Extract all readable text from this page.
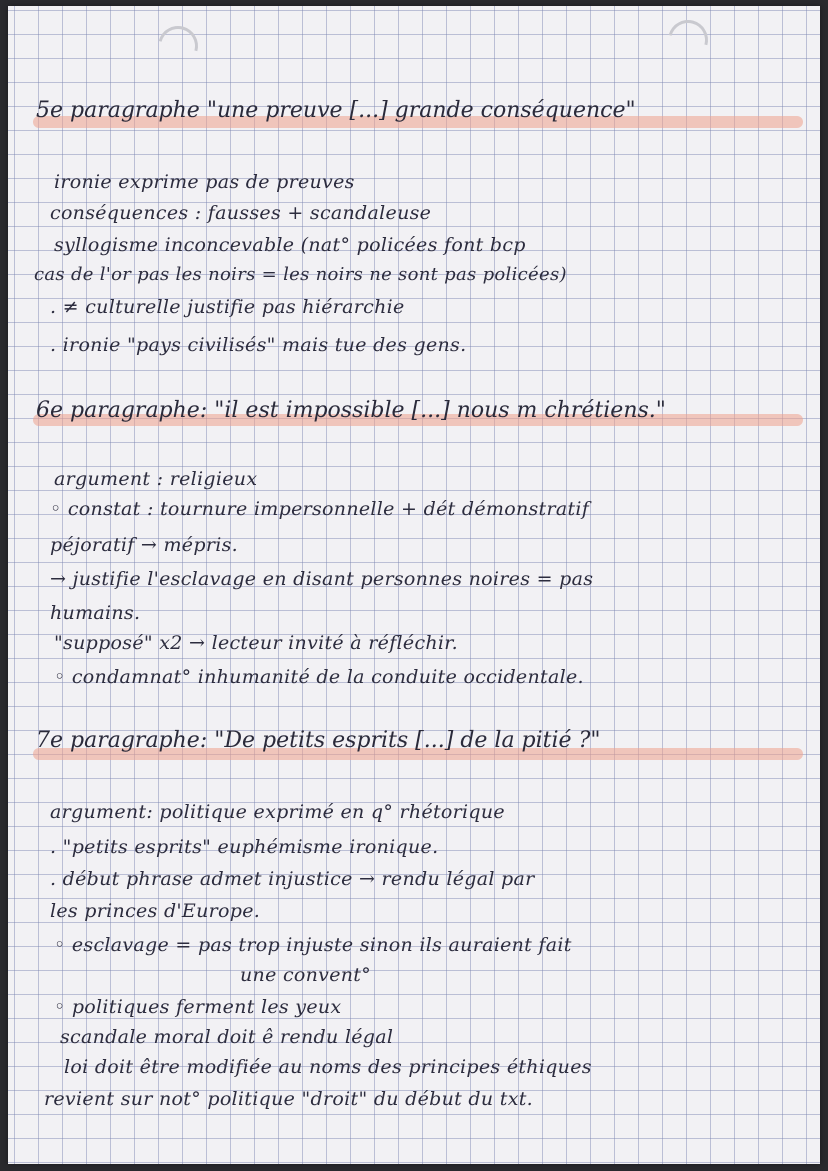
5e paragraphe "une preuve [...] grande conséquence"
ironie exprime pas de preuves
conséquences : fausses + scandaleuse
syllogisme inconcevable (nat° policées font bcp
cas de l'or pas les noirs = les noirs ne sont pas policées)
. ≠ culturelle justifie pas hiérarchie
. ironie "pays civilisés" mais tue des gens.
6e paragraphe: "il est impossible [...] nous m chrétiens."
argument : religieux
◦ constat : tournure impersonnelle + dét démonstratif
péjoratif → mépris.
→ justifie l'esclavage en disant personnes noires = pas
humains.
"supposé" x2 → lecteur invité à réfléchir.
◦ condamnat° inhumanité de la conduite occidentale.
7e paragraphe: "De petits esprits [...] de la pitié ?"
argument: politique exprimé en q° rhétorique
. "petits esprits" euphémisme ironique.
. début phrase admet injustice → rendu légal par
les princes d'Europe.
◦ esclavage = pas trop injuste sinon ils auraient fait
une convent°
◦ politiques ferment les yeux
scandale moral doit ê rendu légal
loi doit être modifiée au noms des principes éthiques
revient sur not° politique "droit" du début du txt.
